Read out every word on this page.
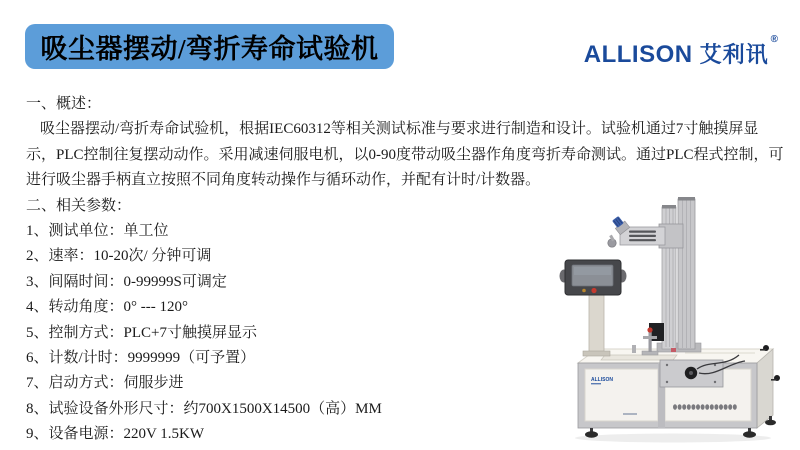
吸尘器摆动/弯折寿命试验机	ALLISON 艾利讯
®
一、概述：
吸尘器摆动/弯折寿命试验机，根据IEC60312等相关测试标准与要求进行制造和设计。试验机通过7寸触摸屏显示，PLC控制往复摆动动作。采用减速伺服电机，以0-90度带动吸尘器作角度弯折寿命测试。通过PLC程式控制，可进行吸尘器手柄直立按照不同角度转动操作与循环动作，并配有计时/计数器。
二、相关参数：
1、测试单位：单工位
2、速率：10-20次/ 分钟可调
3、间隔时间：0-99999S可调定
4、转动角度：0° --- 120°
5、控制方式：PLC+7寸触摸屏显示
6、计数/计时：9999999（可予置）
7、启动方式：伺服步进
8、试验设备外形尺寸：约700X1500X14500（高）MM
9、设备电源：220V 1.5KW
ALLISON
